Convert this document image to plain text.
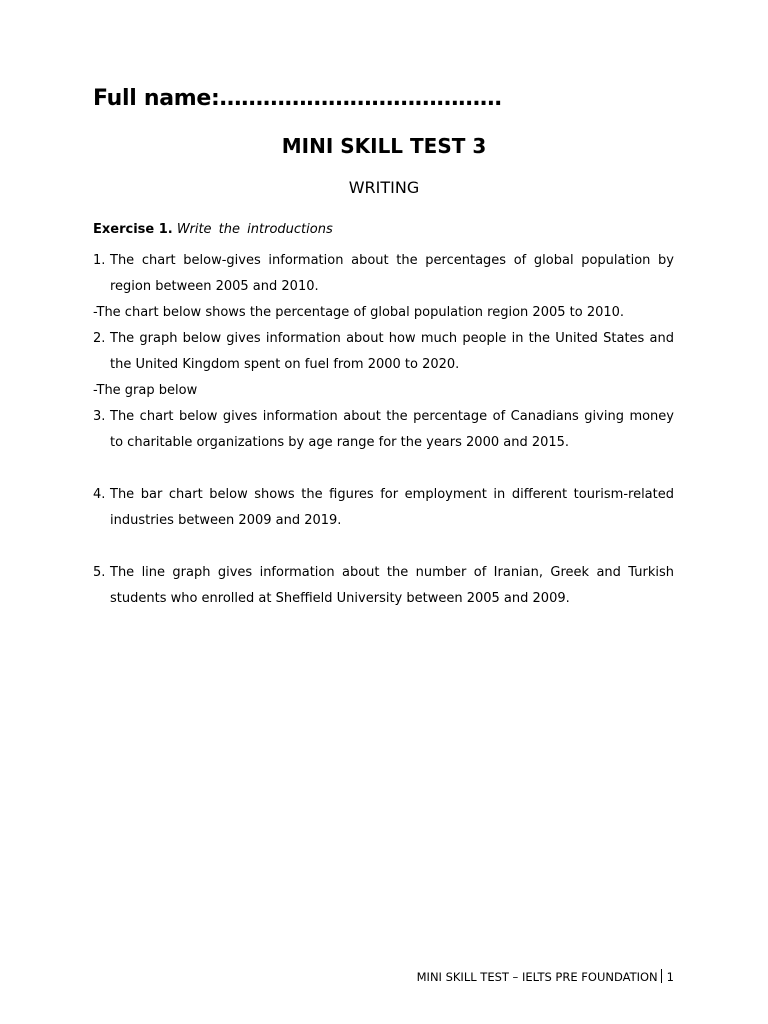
Full name:…………………………………
MINI SKILL TEST 3
WRITING
Exercise 1. Write the introductions
1. The chart below-gives information about the percentages of global population by region between 2005 and 2010.
-The chart below shows the percentage of global population region 2005 to 2010.
2. The graph below gives information about how much people in the United States and the United Kingdom spent on fuel from 2000 to 2020.
-The grap below
3. The chart below gives information about the percentage of Canadians giving money to charitable organizations by age range for the years 2000 and 2015.
4. The bar chart below shows the figures for employment in different tourism-related industries between 2009 and 2019.
5. The line graph gives information about the number of Iranian, Greek and Turkish students who enrolled at Sheffield University between 2005 and 2009.
MINI SKILL TEST – IELTS PRE FOUNDATION 1
